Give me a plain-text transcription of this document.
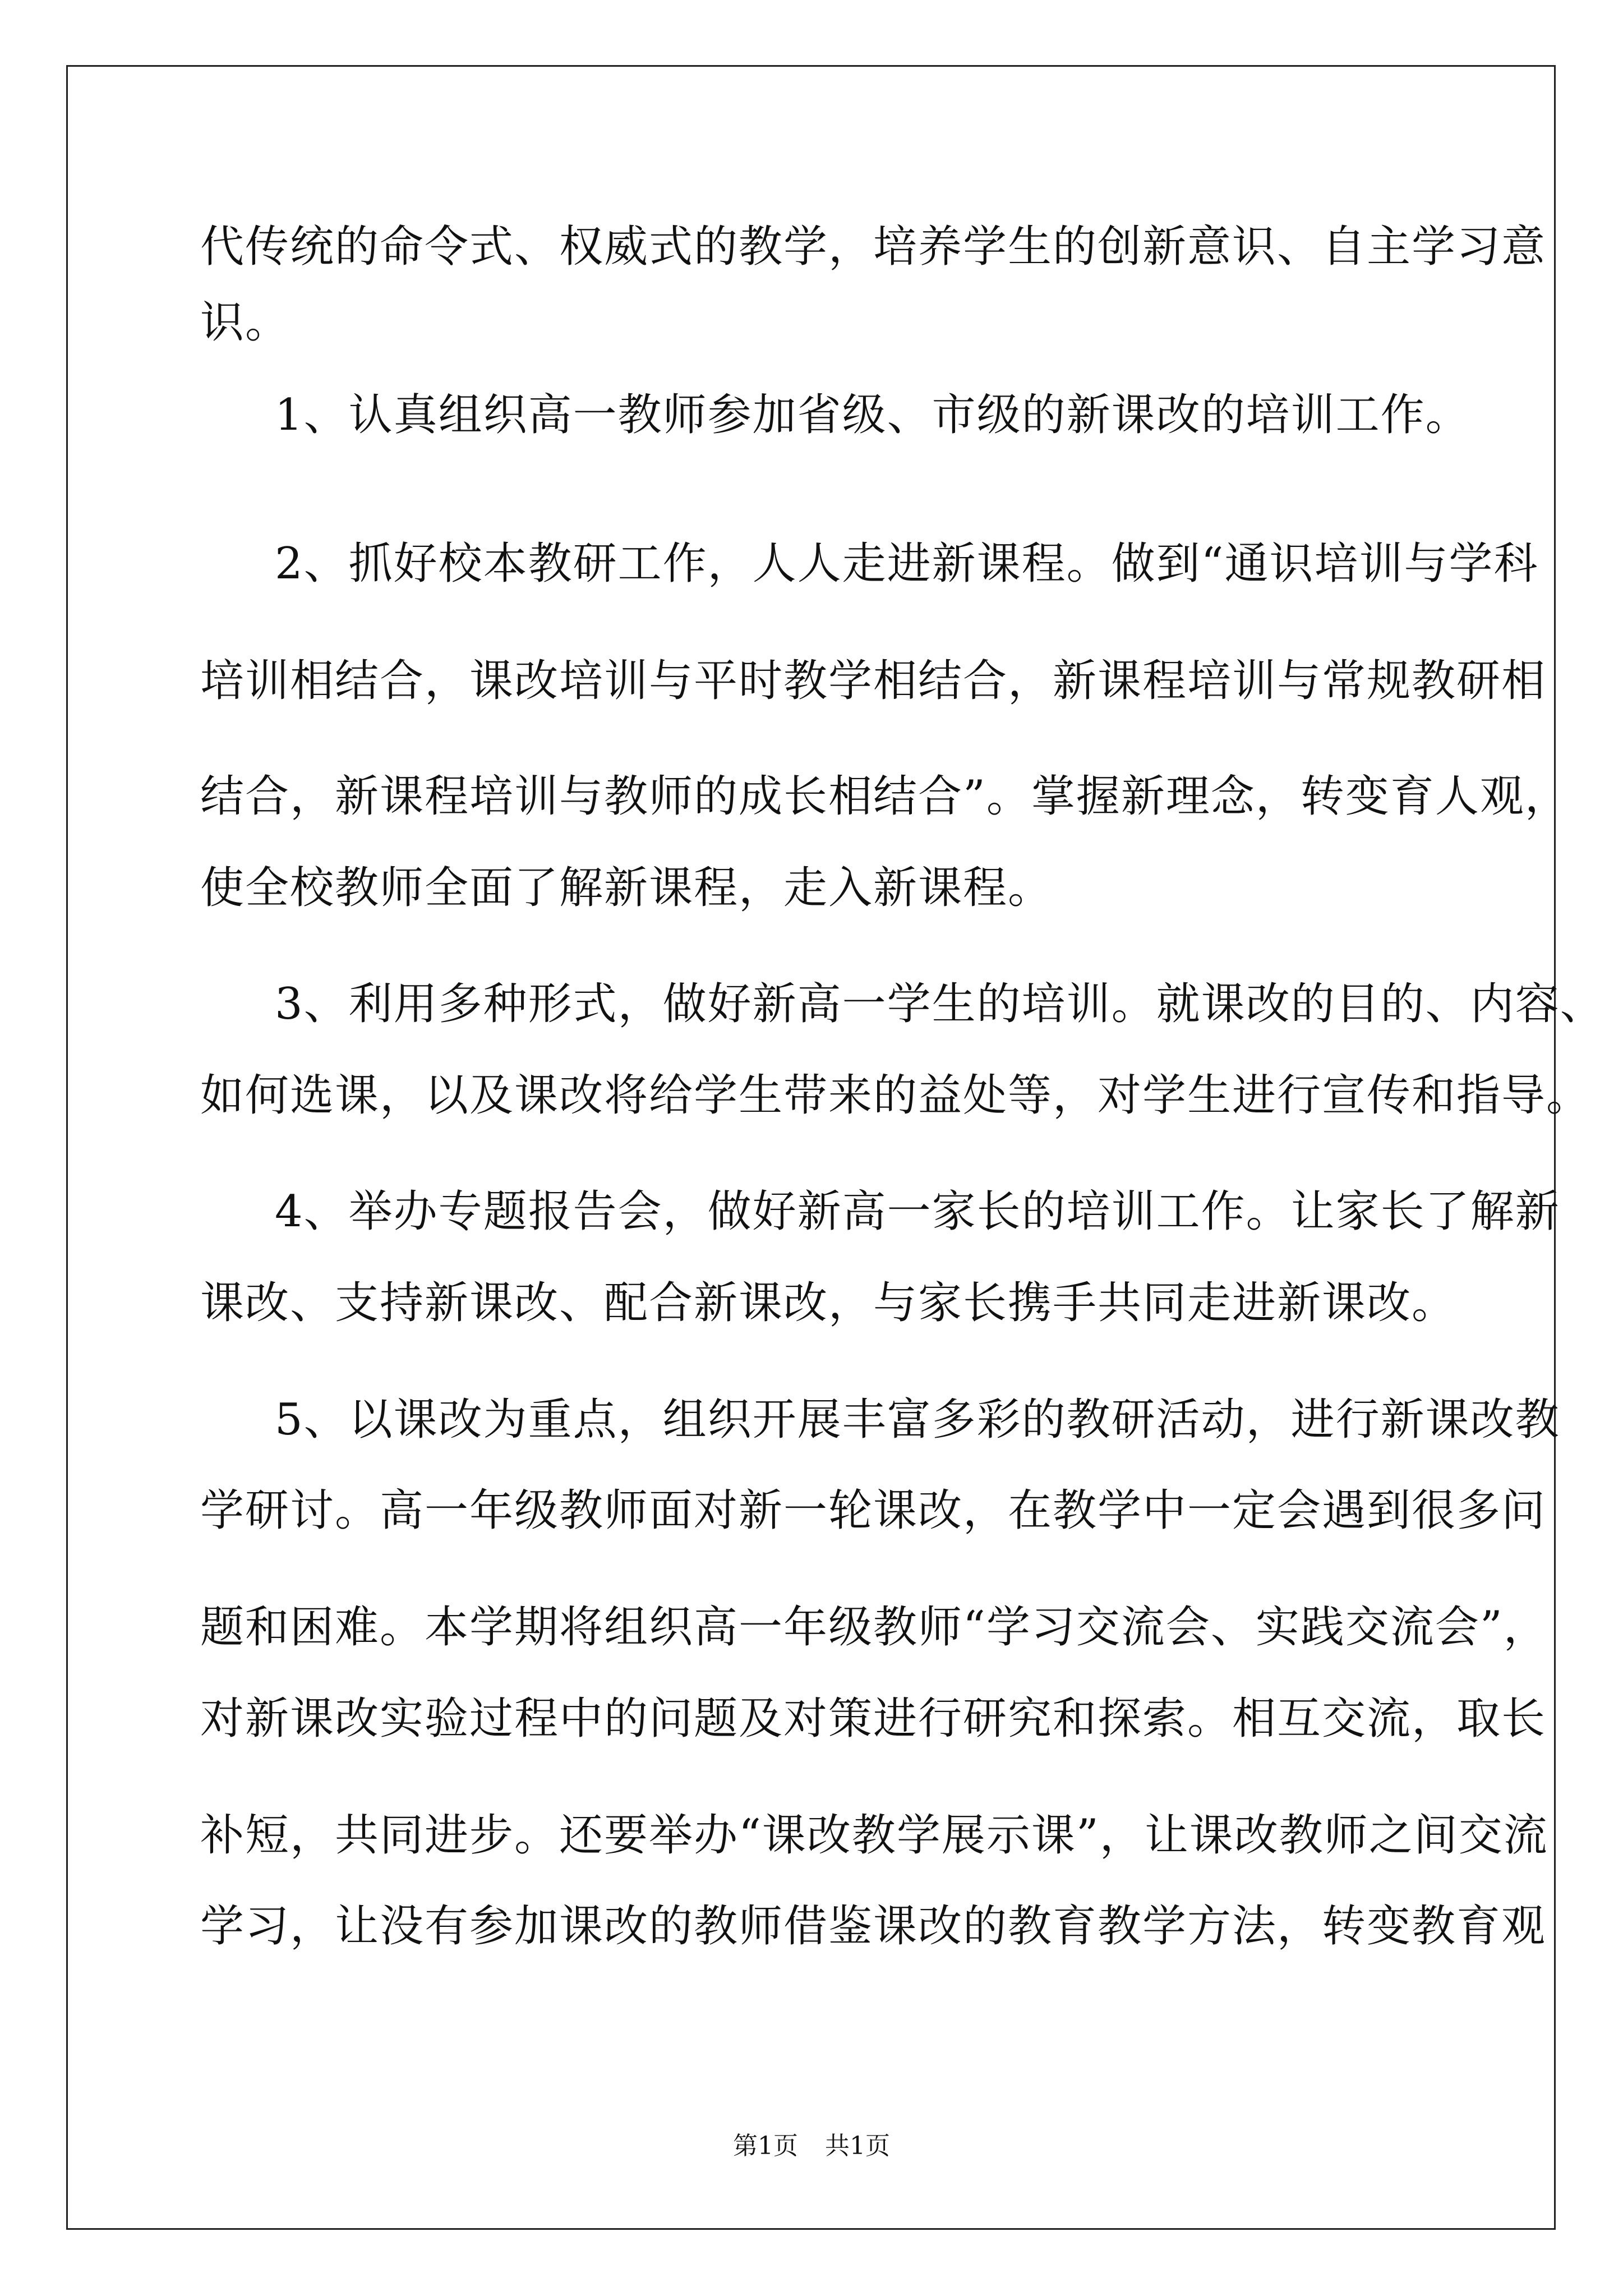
代传统的命令式、权威式的教学，培养学生的创新意识、自主学习意

识。

1、认真组织高一教师参加省级、市级的新课改的培训工作。

2、抓好校本教研工作，人人走进新课程。做到“通识培训与学科

培训相结合，课改培训与平时教学相结合，新课程培训与常规教研相

结合，新课程培训与教师的成长相结合”。掌握新理念，转变育人观，

使全校教师全面了解新课程，走入新课程。

3、利用多种形式，做好新高一学生的培训。就课改的目的、内容、

如何选课，以及课改将给学生带来的益处等，对学生进行宣传和指导。

4、举办专题报告会，做好新高一家长的培训工作。让家长了解新

课改、支持新课改、配合新课改，与家长携手共同走进新课改。

5、以课改为重点，组织开展丰富多彩的教研活动，进行新课改教

学研讨。高一年级教师面对新一轮课改，在教学中一定会遇到很多问

题和困难。本学期将组织高一年级教师“学习交流会、实践交流会”，

对新课改实验过程中的问题及对策进行研究和探索。相互交流，取长

补短，共同进步。还要举办“课改教学展示课”，让课改教师之间交流

学习，让没有参加课改的教师借鉴课改的教育教学方法，转变教育观

第1页 共1页
